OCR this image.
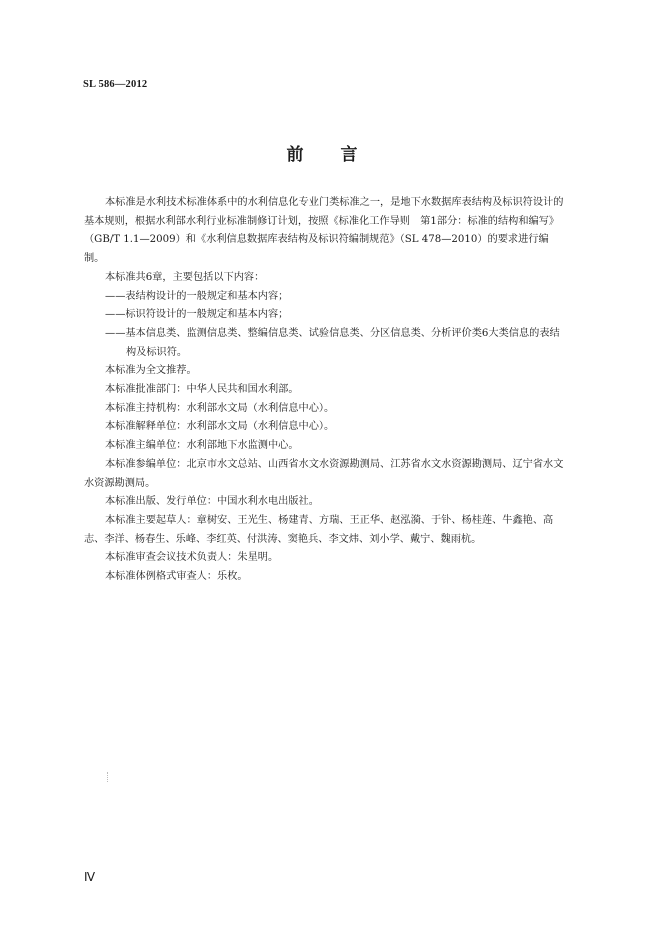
SL 586—2012
前 言

本标准是水利技术标准体系中的水利信息化专业门类标准之一，是地下水数据库表结构及标识符设计的基本规则，根据水利部水利行业标准制修订计划，按照《标准化工作导则　第1部分：标准的结构和编写》（GB/T 1.1—2009）和《水利信息数据库表结构及标识符编制规范》（SL 478—2010）的要求进行编制。

本标准共6章，主要包括以下内容：

——表结构设计的一般规定和基本内容；

——标识符设计的一般规定和基本内容；

——基本信息类、监测信息类、整编信息类、试验信息类、分区信息类、分析评价类6大类信息的表结构及标识符。

本标准为全文推荐。

本标准批准部门：中华人民共和国水利部。

本标准主持机构：水利部水文局（水利信息中心）。

本标准解释单位：水利部水文局（水利信息中心）。

本标准主编单位：水利部地下水监测中心。

本标准参编单位：北京市水文总站、山西省水文水资源勘测局、江苏省水文水资源勘测局、辽宁省水文水资源勘测局。

本标准出版、发行单位：中国水利水电出版社。

本标准主要起草人：章树安、王光生、杨建青、方瑞、王正华、赵泓漪、于钋、杨桂莲、牛鑫艳、高志、李洋、杨春生、乐峰、李红英、付洪涛、窦艳兵、李文炜、刘小学、戴宁、魏雨杭。

本标准审查会议技术负责人：朱星明。

本标准体例格式审查人：乐枚。

Ⅳ
